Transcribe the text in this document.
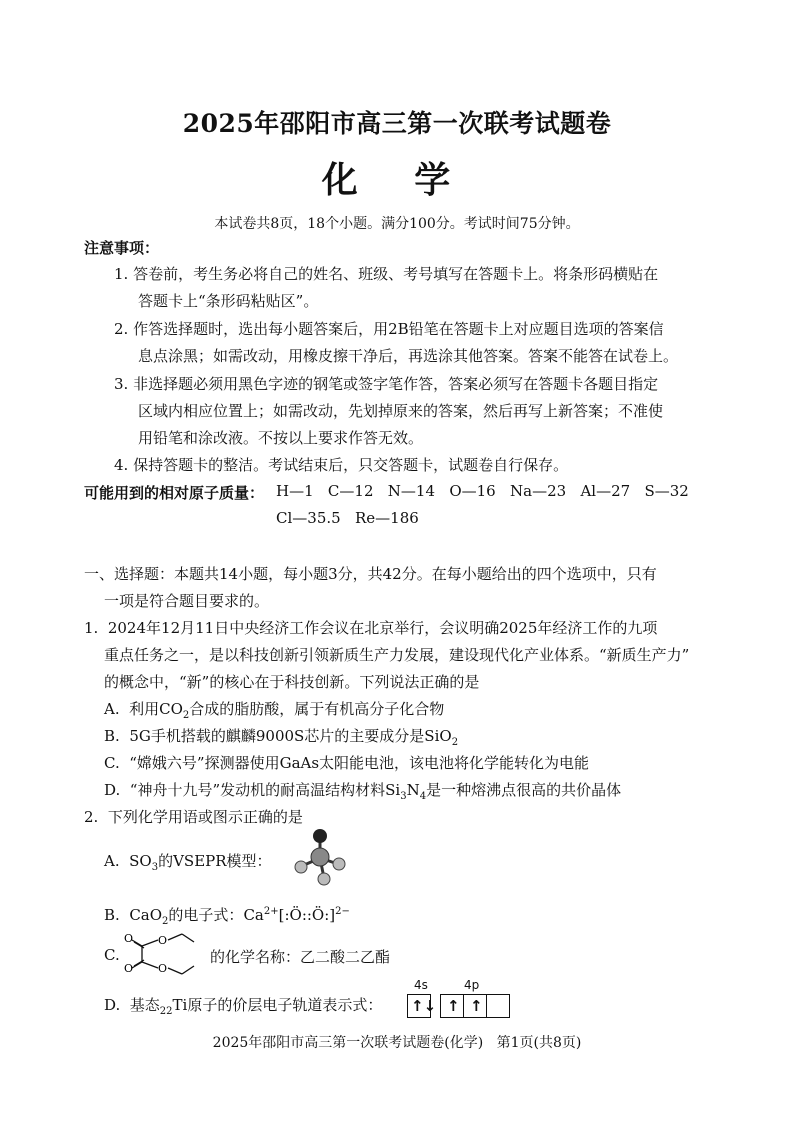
2025年邵阳市高三第一次联考试题卷
化 学
本试卷共8页，18个小题。满分100分。考试时间75分钟。
注意事项：
1. 答卷前，考生务必将自己的姓名、班级、考号填写在答题卡上。将条形码横贴在
答题卡上“条形码粘贴区”。
2. 作答选择题时，选出每小题答案后，用2B铅笔在答题卡上对应题目选项的答案信
息点涂黑；如需改动，用橡皮擦干净后，再选涂其他答案。答案不能答在试卷上。
3. 非选择题必须用黑色字迹的钢笔或签字笔作答，答案必须写在答题卡各题目指定
区域内相应位置上；如需改动，先划掉原来的答案，然后再写上新答案；不准使
用铅笔和涂改液。不按以上要求作答无效。
4. 保持答题卡的整洁。考试结束后，只交答题卡，试题卷自行保存。
可能用到的相对原子质量： H—1   C—12   N—14   O—16   Na—23   Al—27   S—32
Cl—35.5   Re—186
一、选择题：本题共14小题，每小题3分，共42分。在每小题给出的四个选项中，只有
一项是符合题目要求的。
1.  2024年12月11日中央经济工作会议在北京举行，会议明确2025年经济工作的九项
重点任务之一，是以科技创新引领新质生产力发展，建设现代化产业体系。“新质生产力”
的概念中，“新”的核心在于科技创新。下列说法正确的是
A.  利用$CO_2$合成的脂肪酸，属于有机高分子化合物
B.  5G手机搭载的麒麟9000S芯片的主要成分是SiO$_2$
C.  “嫦娥六号”探测器使用GaAs太阳能电池，该电池将化学能转化为电能
D.  “神舟十九号”发动机的耐高温结构材料$Si_3N_4$是一种熔沸点很高的共价晶体
2.  下列化学用语或图示正确的是
A.  $SO_3$的VSEPR模型：
B.  CaO$_2$的电子式：$Ca^{2+}[:Ö::Ö:]^{2-}$
C.
O
O
O
O
的化学名称：乙二酸二乙酯
D.  基态$_{22}$Ti原子的价层电子轨道表示式：
4s	4p
↑↓ ↑ ↑
2025年邵阳市高三第一次联考试题卷(化学)   第1页(共8页)
